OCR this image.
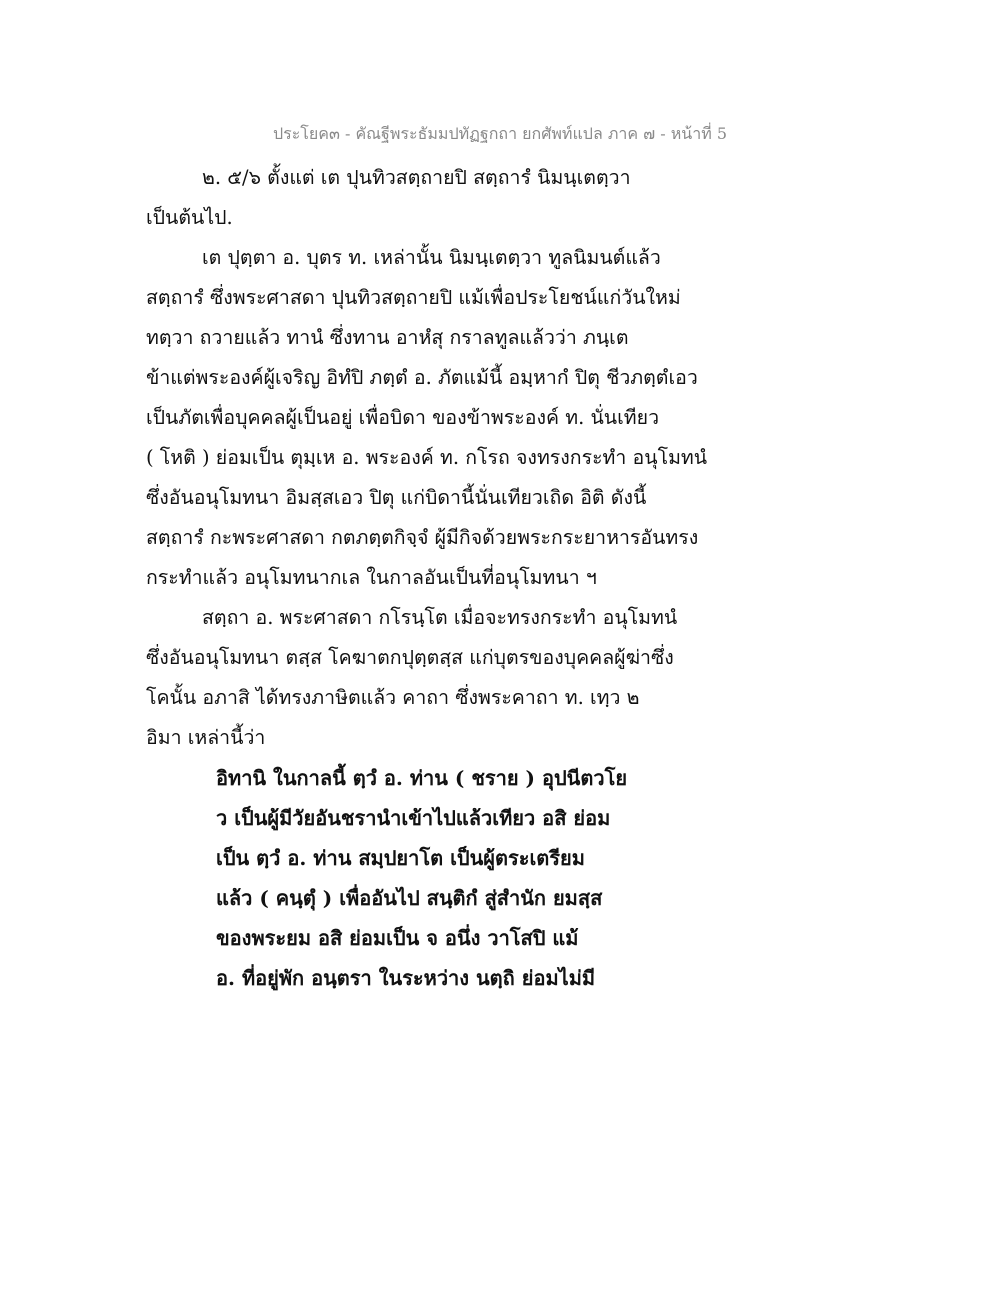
ประโยค๓ - คัณฐีพระธัมมปทัฏฐกถา ยกศัพท์แปล ภาค ๗ - หน้าที่ 5
๒. ๕/๖ ตั้งแต่ เต ปุนทิวสตฺถายปิ สตฺถารํ นิมนฺเตตฺวา
เป็นต้นไป.
เต ปุตฺตา อ. บุตร ท. เหล่านั้น นิมนฺเตตฺวา ทูลนิมนต์แล้ว
สตฺถารํ ซึ่งพระศาสดา ปุนทิวสตฺถายปิ แม้เพื่อประโยชน์แก่วันใหม่
ทตฺวา ถวายแล้ว ทานํ ซึ่งทาน อาหํสุ กราลทูลแล้วว่า ภนฺเต
ข้าแต่พระองค์ผู้เจริญ อิทํปิ ภตฺตํ อ. ภัตแม้นี้ อมฺหากํ ปิตุ ชีวภตฺตํเอว
เป็นภัตเพื่อบุคคลผู้เป็นอยู่ เพื่อบิดา ของข้าพระองค์ ท. นั่นเทียว
( โหติ ) ย่อมเป็น ตุมฺเห อ. พระองค์ ท. กโรถ จงทรงกระทำ อนุโมทนํ
ซึ่งอันอนุโมทนา อิมสฺสเอว ปิตุ แก่บิดานี้นั่นเทียวเถิด อิติ ดังนี้
สตฺถารํ กะพระศาสดา กตภตฺตกิจฺจํ ผู้มีกิจด้วยพระกระยาหารอันทรง
กระทำแล้ว อนุโมทนากเล ในกาลอันเป็นที่อนุโมทนา ฯ
สตฺถา อ. พระศาสดา กโรนฺโต เมื่อจะทรงกระทำ อนุโมทนํ
ซึ่งอันอนุโมทนา ตสฺส โคฆาตกปุตฺตสฺส แก่บุตรของบุคคลผู้ฆ่าซึ่ง
โคนั้น อภาสิ ได้ทรงภาษิตแล้ว คาถา ซึ่งพระคาถา ท. เทฺว ๒
อิมา เหล่านี้ว่า
อิทานิ ในกาลนี้ ตฺวํ อ. ท่าน ( ชราย ) อุปนีตวโย
ว เป็นผู้มีวัยอันชรานำเข้าไปแล้วเทียว อสิ ย่อม
เป็น ตฺวํ อ. ท่าน สมฺปยาโต เป็นผู้ตระเตรียม
แล้ว ( คนฺตุํ ) เพื่ออันไป สนฺติกํ สู่สำนัก ยมสฺส
ของพระยม อสิ ย่อมเป็น จ อนึ่ง วาโสปิ แม้
อ. ที่อยู่พัก อนฺตรา ในระหว่าง นตฺถิ ย่อมไม่มี
